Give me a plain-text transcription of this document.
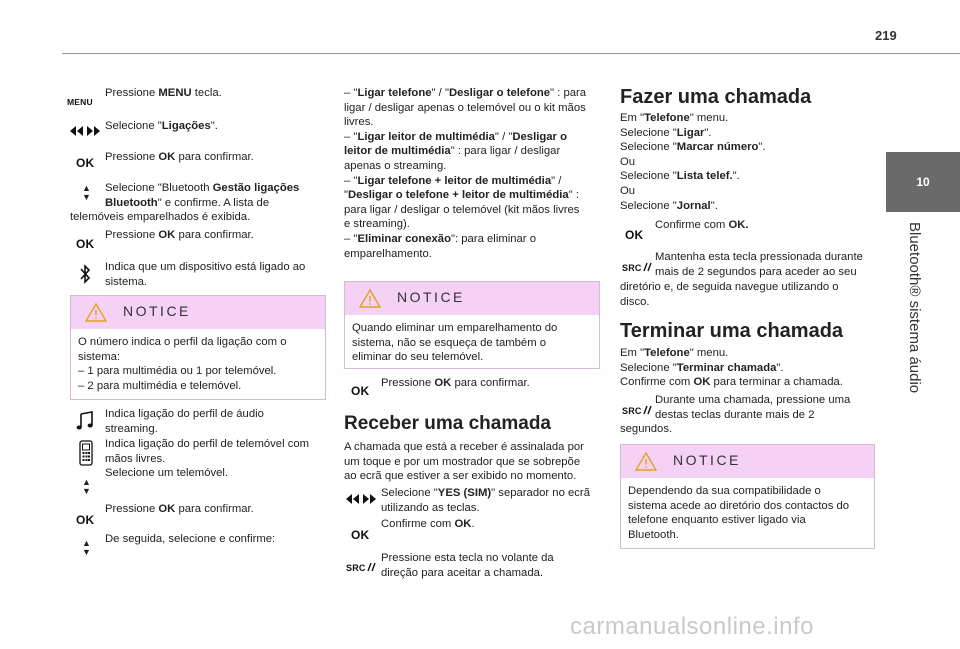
219
10
Bluetooth® sistema áudio
MENU
Pressione MENU tecla.
Selecione "Ligações".
OK Pressione OK para confirmar.
▲
▼
Selecione "Bluetooth Gestão ligações
Bluetooth" e confirme. A lista de
telemóveis emparelhados é exibida.
OK
Pressione OK para confirmar.
Indica que um dispositivo está ligado ao
sistema.
NOTICE
O número indica o perfil da ligação com o
sistema:
– 1 para multimédia ou 1 por telemóvel.
– 2 para multimédia e telemóvel.
Indica ligação do perfil de áudio
streaming.
Indica ligação do perfil de telemóvel com
mãos livres.
Selecione um telemóvel.
▲
▼
OK
Pressione OK para confirmar.
▲
▼
De seguida, selecione e confirme:
– "Ligar telefone" / "Desligar o telefone" : para
ligar / desligar apenas o telemóvel ou o kit mãos
livres.
– "Ligar leitor de multimédia" / "Desligar o
leitor de multimédia" : para ligar / desligar
apenas o streaming.
– "Ligar telefone + leitor de multimédia" /
"Desligar o telefone + leitor de multimédia" :
para ligar / desligar o telemóvel (kit mãos livres
e streaming).
– "Eliminar conexão": para eliminar o
emparelhamento.
NOTICE
Quando eliminar um emparelhamento do
sistema, não se esqueça de também o
eliminar do seu telemóvel.
OK
Pressione OK para confirmar.
Receber uma chamada
A chamada que está a receber é assinalada por
um toque e por um mostrador que se sobrepõe
ao ecrã que estiver a ser exibido no momento.
Selecione "YES (SIM)" separador no ecrã
utilizando as teclas.
OK
Confirme com OK.
SRC
Pressione esta tecla no volante da
direção para aceitar a chamada.
Fazer uma chamada
Em "Telefone" menu.
Selecione "Ligar".
Selecione "Marcar número".
Ou
Selecione "Lista telef.".
Ou
Selecione "Jornal".
OK
Confirme com OK.
SRC
Mantenha esta tecla pressionada durante
mais de 2 segundos para aceder ao seu
diretório e, de seguida navegue utilizando o
disco.
Terminar uma chamada
Em "Telefone" menu.
Selecione "Terminar chamada".
Confirme com OK para terminar a chamada.
SRC
Durante uma chamada, pressione uma
destas teclas durante mais de 2
segundos.
NOTICE
Dependendo da sua compatibilidade o
sistema acede ao diretório dos contactos do
telefone enquanto estiver ligado via
Bluetooth.
carmanualsonline.info
